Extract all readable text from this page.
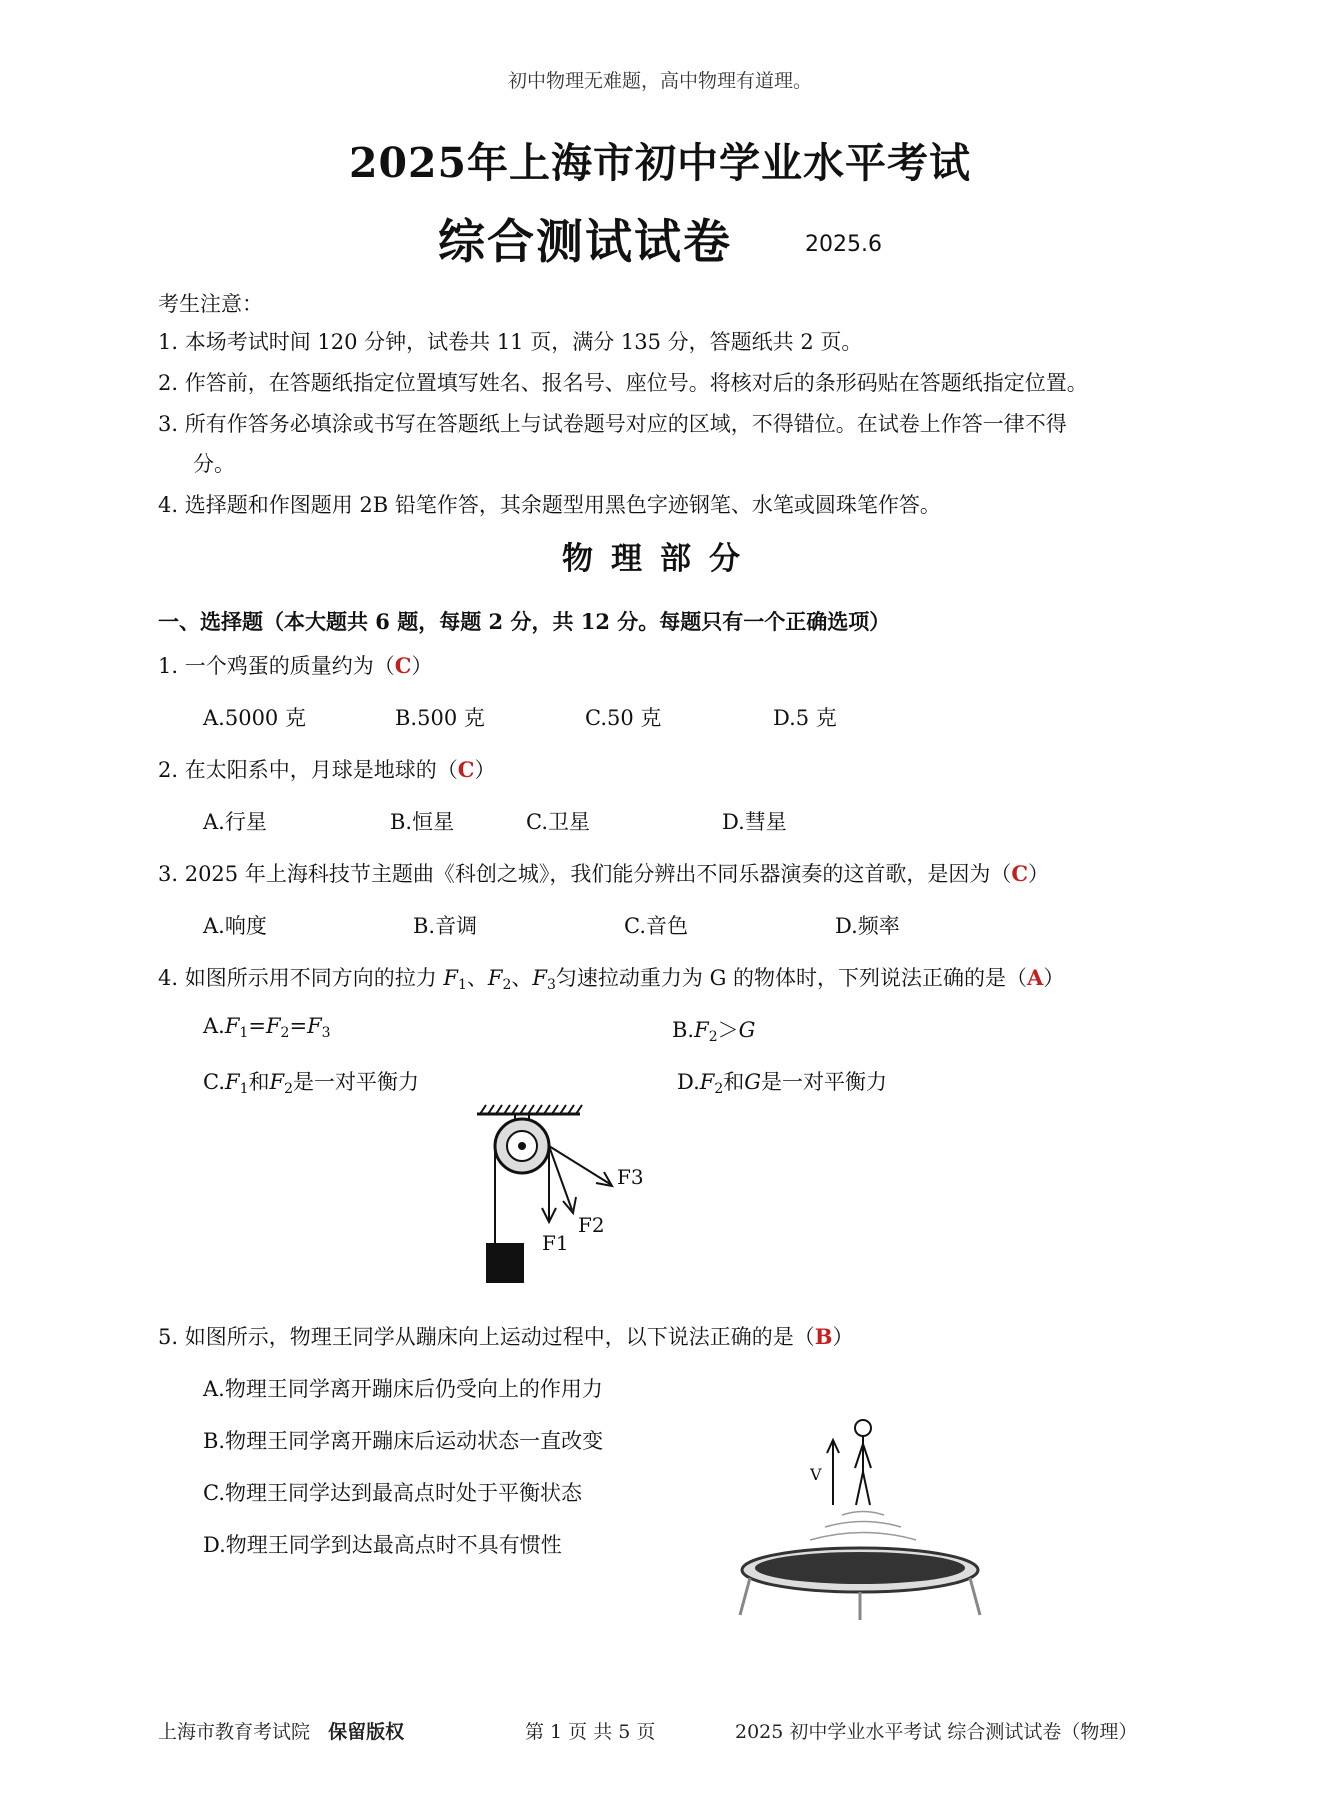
初中物理无难题，高中物理有道理。
2025年上海市初中学业水平考试
综合测试试卷	2025.6
考生注意：
1. 本场考试时间 120 分钟，试卷共 11 页，满分 135 分，答题纸共 2 页。
2. 作答前，在答题纸指定位置填写姓名、报名号、座位号。将核对后的条形码贴在答题纸指定位置。
3. 所有作答务必填涂或书写在答题纸上与试卷题号对应的区域，不得错位。在试卷上作答一律不得
分。
4. 选择题和作图题用 2B 铅笔作答，其余题型用黑色字迹钢笔、水笔或圆珠笔作答。
物理部分
一、选择题（本大题共 6 题，每题 2 分，共 12 分。每题只有一个正确选项）
1. 一个鸡蛋的质量约为（C）
A.5000 克	B.500 克	C.50 克	D.5 克
2. 在太阳系中，月球是地球的（C）
A.行星	B.恒星	C.卫星	D.彗星
3. 2025 年上海科技节主题曲《科创之城》，我们能分辨出不同乐器演奏的这首歌，是因为（C）
A.响度	B.音调	C.音色	D.频率
4. 如图所示用不同方向的拉力 $F_1$、$F_2$、$F_3$匀速拉动重力为 G 的物体时，下列说法正确的是（A）
$A.F_1=F_2=F_3$	$B.F_2>G$
$C.F_1$和$F_2$是一对平衡力	$D.F_2$和G是一对平衡力
F1
F2
F3
5. 如图所示，物理王同学从蹦床向上运动过程中，以下说法正确的是（B）
A.物理王同学离开蹦床后仍受向上的作用力
B.物理王同学离开蹦床后运动状态一直改变
C.物理王同学达到最高点时处于平衡状态
D.物理王同学到达最高点时不具有惯性
V
上海市教育考试院 保留版权	第 1 页 共 5 页	2025 初中学业水平考试 综合测试试卷（物理）
